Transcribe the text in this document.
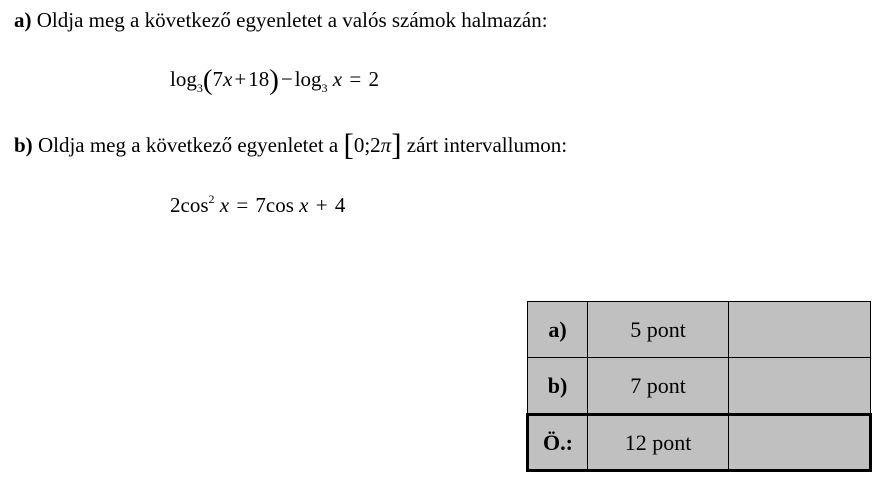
a) Oldja meg a következő egyenletet a valós számok halmazán:
$\log_3(7x+18)-\log_3$ x = 2
b) Oldja meg a következő egyenletet a [0;2π] zárt intervallumon:
$2\cos^2$ x = 7cos x + 4
a)	5 pont	
b)	7 pont	
Ö.:	12 pont	
